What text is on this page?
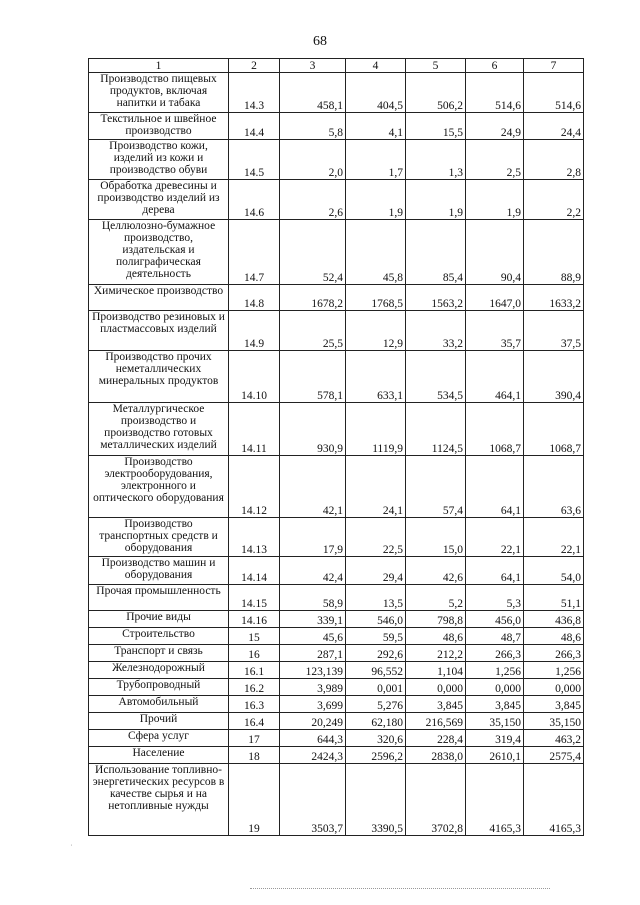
68
1	2	3	4	5	6	7
Производство пищевых продуктов, включая напитки и табака	14.3	458,1	404,5	506,2	514,6	514,6
Текстильное и швейное производство	14.4	5,8	4,1	15,5	24,9	24,4
Производство кожи, изделий из кожи и производство обуви	14.5	2,0	1,7	1,3	2,5	2,8
Обработка древесины и производство изделий из дерева	14.6	2,6	1,9	1,9	1,9	2,2
Целлюлозно-бумажное производство, издательская и полиграфическая деятельность	14.7	52,4	45,8	85,4	90,4	88,9
Химическое производство	14.8	1678,2	1768,5	1563,2	1647,0	1633,2
Производство резиновых и пластмассовых изделий	14.9	25,5	12,9	33,2	35,7	37,5
Производство прочих неметаллических минеральных продуктов	14.10	578,1	633,1	534,5	464,1	390,4
Металлургическое производство и производство готовых металлических изделий	14.11	930,9	1119,9	1124,5	1068,7	1068,7
Производство электрооборудования, электронного и оптического оборудования	14.12	42,1	24,1	57,4	64,1	63,6
Производство транспортных средств и оборудования	14.13	17,9	22,5	15,0	22,1	22,1
Производство машин и оборудования	14.14	42,4	29,4	42,6	64,1	54,0
Прочая промышленность	14.15	58,9	13,5	5,2	5,3	51,1
Прочие виды	14.16	339,1	546,0	798,8	456,0	436,8
Строительство	15	45,6	59,5	48,6	48,7	48,6
Транспорт и связь	16	287,1	292,6	212,2	266,3	266,3
Железнодорожный	16.1	123,139	96,552	1,104	1,256	1,256
Трубопроводный	16.2	3,989	0,001	0,000	0,000	0,000
Автомобильный	16.3	3,699	5,276	3,845	3,845	3,845
Прочий	16.4	20,249	62,180	216,569	35,150	35,150
Сфера услуг	17	644,3	320,6	228,4	319,4	463,2
Население	18	2424,3	2596,2	2838,0	2610,1	2575,4
Использование топливно-энергетических ресурсов в качестве сырья и на нетопливные нужды	19	3503,7	3390,5	3702,8	4165,3	4165,3
˙
